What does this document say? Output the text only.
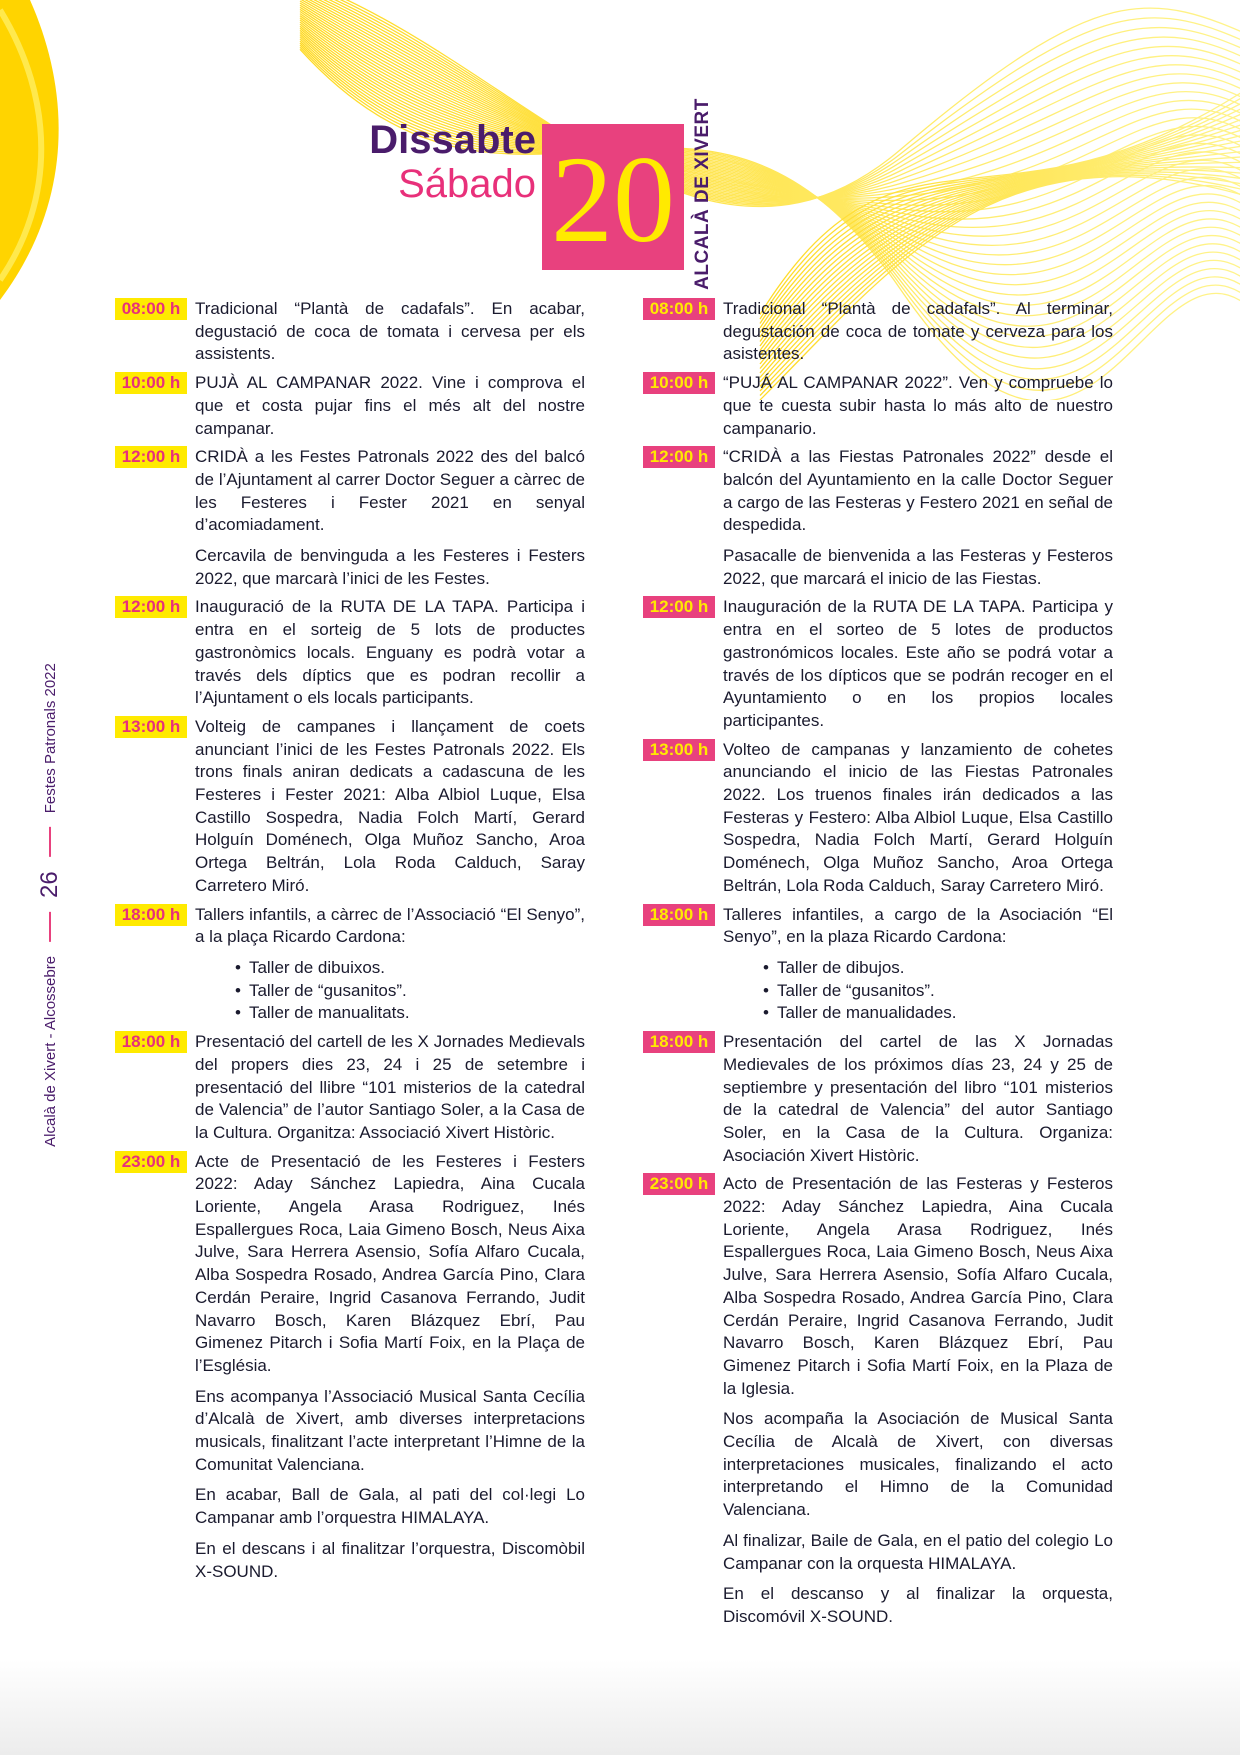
Dissabte
Sábado 20 ALCALÀ DE XIVERT
Alcalà de Xivert - Alcossebre
26
Festes Patronals 2022
08:00 h Tradicional “Plantà de cadafals”. En acabar, degustació de coca de tomata i cervesa per els assistents.

10:00 h PUJÀ AL CAMPANAR 2022. Vine i comprova el que et costa pujar fins el més alt del nostre campanar.

12:00 h CRIDÀ a les Festes Patronals 2022 des del balcó de l’Ajuntament al carrer Doctor Seguer a càrrec de les Festeres i Fester 2021 en senyal d’acomiadament.

Cercavila de benvinguda a les Festeres i Festers 2022, que marcarà l’inici de les Festes.

12:00 h Inauguració de la RUTA DE LA TAPA. Participa i entra en el sorteig de 5 lots de productes gastronòmics locals. Enguany es podrà votar a través dels díptics que es podran recollir a l’Ajuntament o els locals participants.

13:00 h Volteig de campanes i llançament de coets anunciant l’inici de les Festes Patronals 2022. Els trons finals aniran dedicats a cadascuna de les Festeres i Fester 2021: Alba Albiol Luque, Elsa Castillo Sospedra, Nadia Folch Martí, Gerard Holguín Doménech, Olga Muñoz Sancho, Aroa Ortega Beltrán, Lola Roda Calduch, Saray Carretero Miró.

18:00 h Tallers infantils, a càrrec de l’Associació “El Senyo”, a la plaça Ricardo Cardona:

• Taller de dibuixos.
• Taller de “gusanitos”.
• Taller de manualitats.
18:00 h Presentació del cartell de les X Jornades Medievals del propers dies 23, 24 i 25 de setembre i presentació del llibre “101 misterios de la catedral de Valencia” de l’autor Santiago Soler, a la Casa de la Cultura. Organitza: Associació Xivert Històric.

23:00 h Acte de Presentació de les Festeres i Festers 2022: Aday Sánchez Lapiedra, Aina Cucala Loriente, Angela Arasa Rodriguez, Inés Espallergues Roca, Laia Gimeno Bosch, Neus Aixa Julve, Sara Herrera Asensio, Sofía Alfaro Cucala, Alba Sospedra Rosado, Andrea García Pino, Clara Cerdán Peraire, Ingrid Casanova Ferrando, Judit Navarro Bosch, Karen Blázquez Ebrí, Pau Gimenez Pitarch i Sofia Martí Foix, en la Plaça de l’Església.

Ens acompanya l’Associació Musical Santa Cecília d’Alcalà de Xivert, amb diverses interpretacions musicals, finalitzant l’acte interpretant l’Himne de la Comunitat Valenciana.

En acabar, Ball de Gala, al pati del col·legi Lo Campanar amb l’orquestra HIMALAYA.

En el descans i al finalitzar l’orquestra, Discomòbil X-SOUND.

08:00 h Tradicional “Plantà de cadafals”. Al terminar, degustación de coca de tomate y cerveza para los asistentes.

10:00 h “PUJÁ AL CAMPANAR 2022”. Ven y compruebe lo que te cuesta subir hasta lo más alto de nuestro campanario.

12:00 h “CRIDÀ a las Fiestas Patronales 2022” desde el balcón del Ayuntamiento en la calle Doctor Seguer a cargo de las Festeras y Festero 2021 en señal de despedida.

Pasacalle de bienvenida a las Festeras y Festeros 2022, que marcará el inicio de las Fiestas.

12:00 h Inauguración de la RUTA DE LA TAPA. Participa y entra en el sorteo de 5 lotes de productos gastronómicos locales. Este año se podrá votar a través de los dípticos que se podrán recoger en el Ayuntamiento o en los propios locales participantes.

13:00 h Volteo de campanas y lanzamiento de cohetes anunciando el inicio de las Fiestas Patronales 2022. Los truenos finales irán dedicados a las Festeras y Festero: Alba Albiol Luque, Elsa Castillo Sospedra, Nadia Folch Martí, Gerard Holguín Doménech, Olga Muñoz Sancho, Aroa Ortega Beltrán, Lola Roda Calduch, Saray Carretero Miró.

18:00 h Talleres infantiles, a cargo de la Asociación “El Senyo”, en la plaza Ricardo Cardona:

• Taller de dibujos.
• Taller de “gusanitos”.
• Taller de manualidades.
18:00 h Presentación del cartel de las X Jornadas Medievales de los próximos días 23, 24 y 25 de septiembre y presentación del libro “101 misterios de la catedral de Valencia” del autor Santiago Soler, en la Casa de la Cultura. Organiza: Asociación Xivert Històric.

23:00 h Acto de Presentación de las Festeras y Festeros 2022: Aday Sánchez Lapiedra, Aina Cucala Loriente, Angela Arasa Rodriguez, Inés Espallergues Roca, Laia Gimeno Bosch, Neus Aixa Julve, Sara Herrera Asensio, Sofía Alfaro Cucala, Alba Sospedra Rosado, Andrea García Pino, Clara Cerdán Peraire, Ingrid Casanova Ferrando, Judit Navarro Bosch, Karen Blázquez Ebrí, Pau Gimenez Pitarch i Sofia Martí Foix, en la Plaza de la Iglesia.

Nos acompaña la Asociación de Musical Santa Cecília de Alcalà de Xivert, con diversas interpretaciones musicales, finalizando el acto interpretando el Himno de la Comunidad Valenciana.

Al finalizar, Baile de Gala, en el patio del colegio Lo Campanar con la orquesta HIMALAYA.

En el descanso y al finalizar la orquesta, Discomóvil X-SOUND.
